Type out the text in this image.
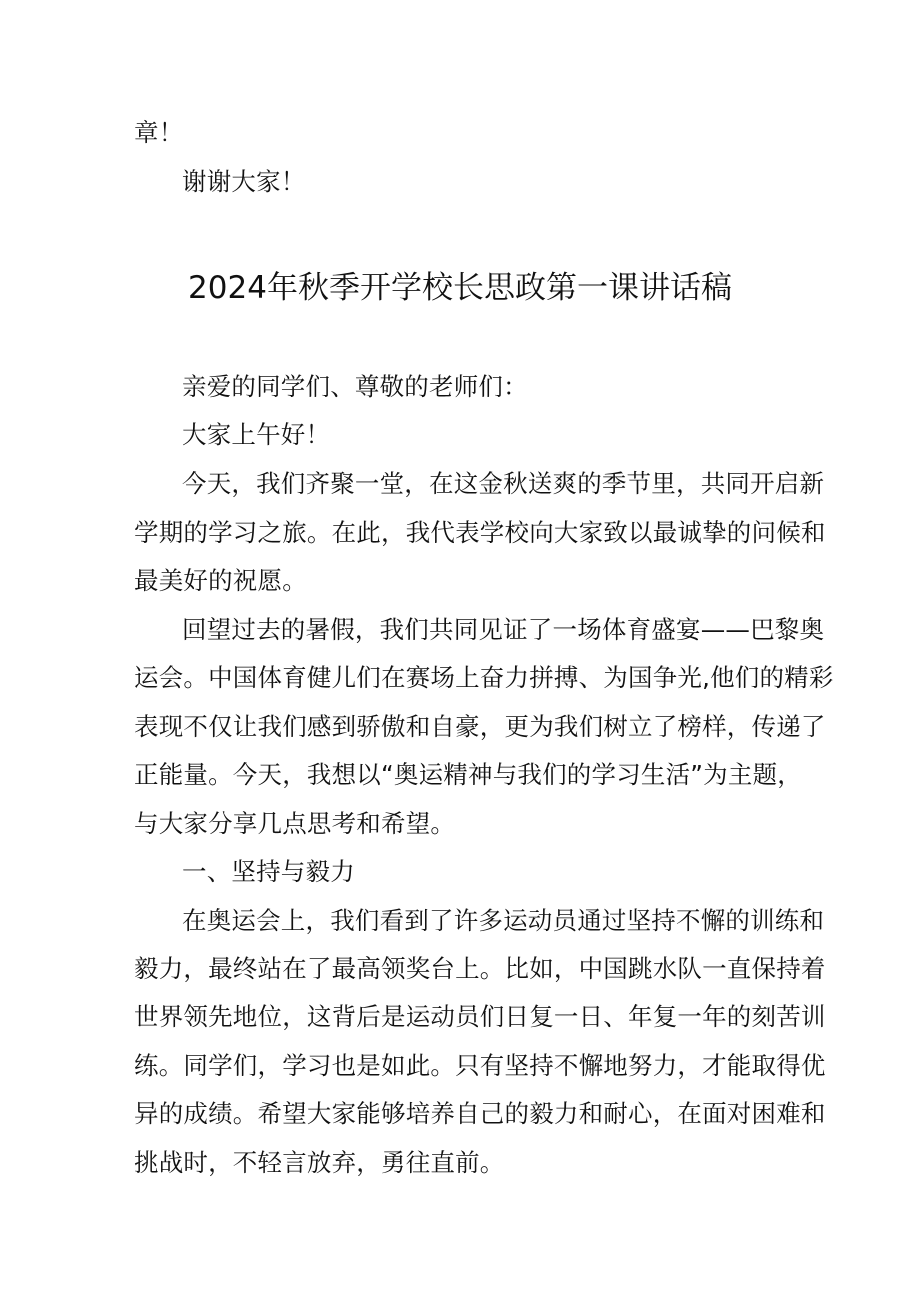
章！
谢谢大家！
2024年秋季开学校长思政第一课讲话稿
亲爱的同学们、尊敬的老师们：
大家上午好！
今天，我们齐聚一堂，在这金秋送爽的季节里，共同开启新
学期的学习之旅。在此，我代表学校向大家致以最诚挚的问候和
最美好的祝愿。
回望过去的暑假，我们共同见证了一场体育盛宴——巴黎奥
运会。中国体育健儿们在赛场上奋力拼搏、为国争光,他们的精彩
表现不仅让我们感到骄傲和自豪，更为我们树立了榜样，传递了
正能量。今天，我想以“奥运精神与我们的学习生活”为主题，
与大家分享几点思考和希望。
一、坚持与毅力
在奥运会上，我们看到了许多运动员通过坚持不懈的训练和
毅力，最终站在了最高领奖台上。比如，中国跳水队一直保持着
世界领先地位，这背后是运动员们日复一日、年复一年的刻苦训
练。同学们，学习也是如此。只有坚持不懈地努力，才能取得优
异的成绩。希望大家能够培养自己的毅力和耐心，在面对困难和
挑战时，不轻言放弃，勇往直前。
